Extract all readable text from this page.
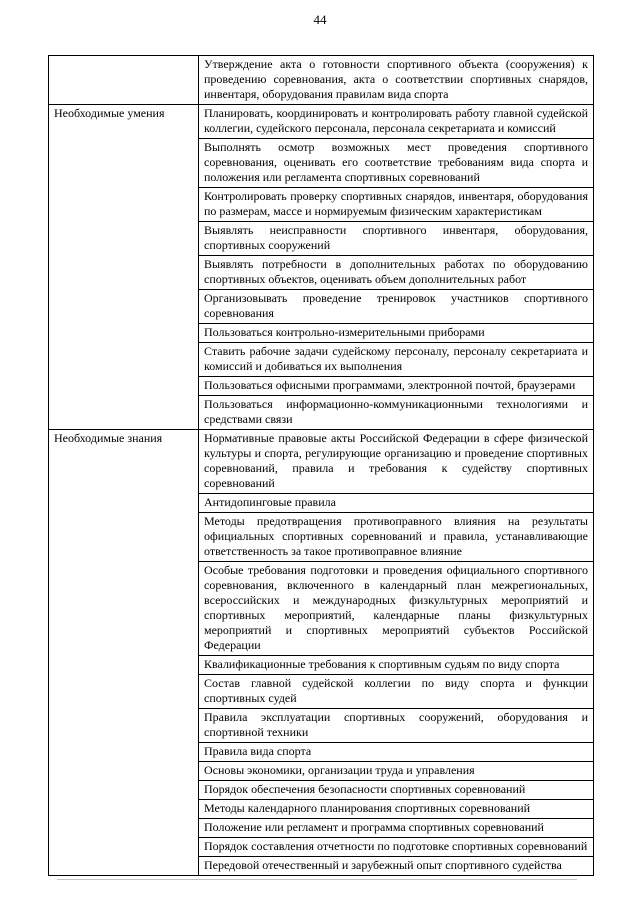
44
	Утверждение акта о готовности спортивного объекта (сооружения) к проведению соревнования, акта о соответствии спортивных снарядов, инвентаря, оборудования правилам вида спорта
Необходимые умения	Планировать, координировать и контролировать работу главной судейской коллегии, судейского персонала, персонала секретариата и комиссий
	Выполнять осмотр возможных мест проведения спортивного соревнования, оценивать его соответствие требованиям вида спорта и положения или регламента спортивных соревнований
	Контролировать проверку спортивных снарядов, инвентаря, оборудования по размерам, массе и нормируемым физическим характеристикам
	Выявлять неисправности спортивного инвентаря, оборудования, спортивных сооружений
	Выявлять потребности в дополнительных работах по оборудованию спортивных объектов, оценивать объем дополнительных работ
	Организовывать проведение тренировок участников спортивного соревнования
	Пользоваться контрольно-измерительными приборами
	Ставить рабочие задачи судейскому персоналу, персоналу секретариата и комиссий и добиваться их выполнения
	Пользоваться офисными программами, электронной почтой, браузерами
	Пользоваться информационно-коммуникационными технологиями и средствами связи
Необходимые знания	Нормативные правовые акты Российской Федерации в сфере физической культуры и спорта, регулирующие организацию и проведение спортивных соревнований, правила и требования к судейству спортивных соревнований
	Антидопинговые правила
	Методы предотвращения противоправного влияния на результаты официальных спортивных соревнований и правила, устанавливающие ответственность за такое противоправное влияние
	Особые требования подготовки и проведения официального спортивного соревнования, включенного в календарный план межрегиональных, всероссийских и международных физкультурных мероприятий и спортивных мероприятий, календарные планы физкультурных мероприятий и спортивных мероприятий субъектов Российской Федерации
	Квалификационные требования к спортивным судьям по виду спорта
	Состав главной судейской коллегии по виду спорта и функции спортивных судей
	Правила эксплуатации спортивных сооружений, оборудования и спортивной техники
	Правила вида спорта
	Основы экономики, организации труда и управления
	Порядок обеспечения безопасности спортивных соревнований
	Методы календарного планирования спортивных соревнований
	Положение или регламент и программа спортивных соревнований
	Порядок составления отчетности по подготовке спортивных соревнований
	Передовой отечественный и зарубежный опыт спортивного судейства
